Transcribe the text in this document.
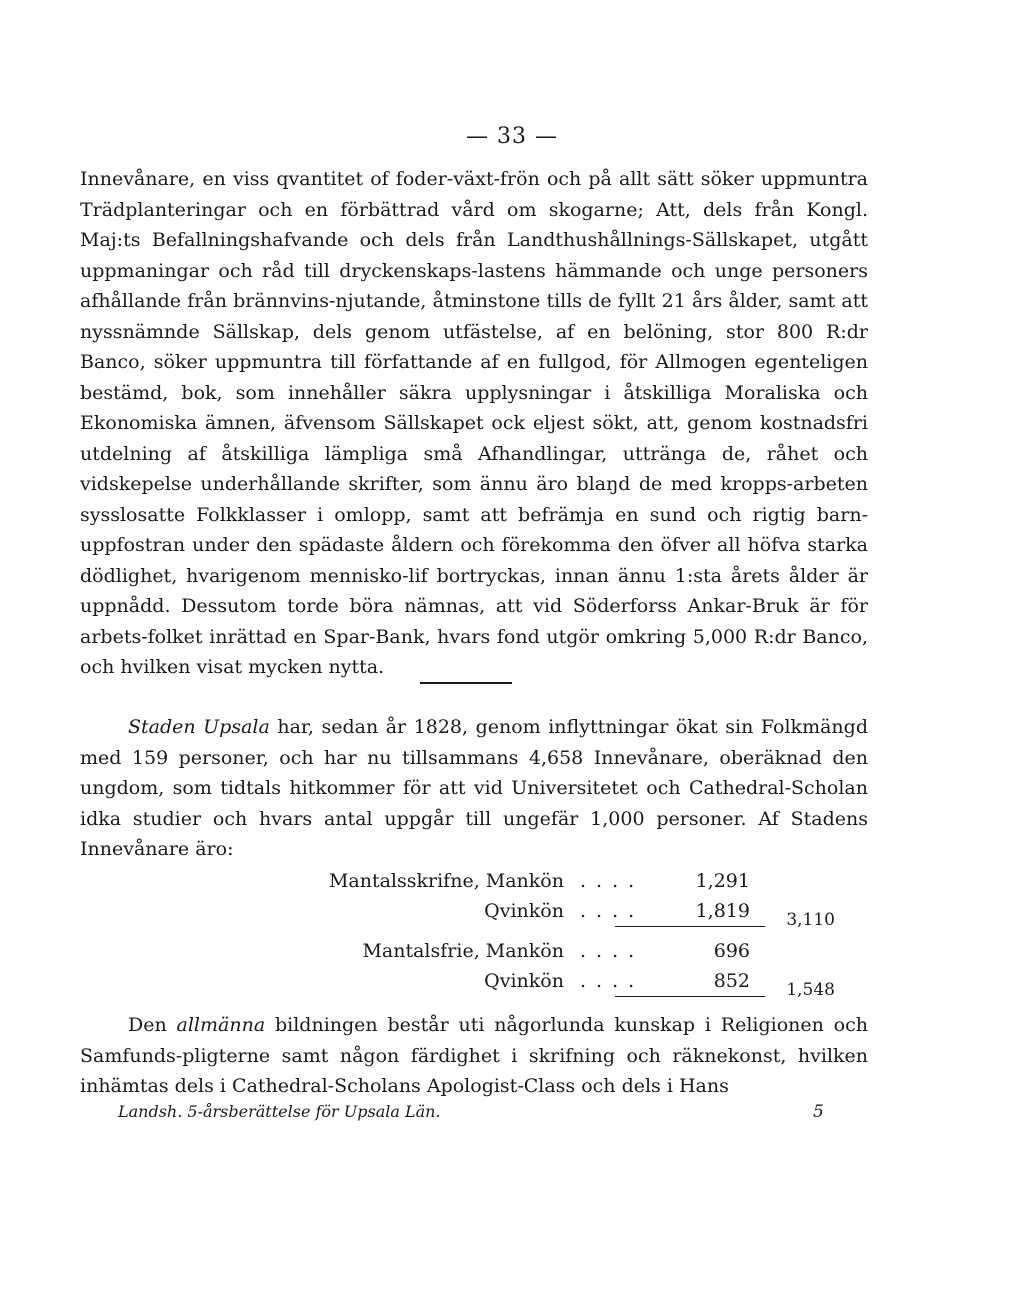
— 33 —

Innevånare, en viss qvantitet of foder-växt-frön och på allt sätt söker uppmuntra Trädplanteringar och en förbättrad vård om skogarne; Att, dels från Kongl. Maj:ts Befallningshafvande och dels från Landthushållnings-Sällskapet, utgått uppmaningar och råd till dryckenskaps-lastens hämmande och unge personers afhållande från brännvins-njutande, åtminstone tills de fyllt 21 års ålder, samt att nyssnämnde Sällskap, dels genom utfästelse, af en belöning, stor 800 R:dr Banco, söker uppmuntra till författande af en fullgod, för Allmogen egenteligen bestämd, bok, som innehåller säkra upplysningar i åtskilliga Moraliska och Ekonomiska ämnen, äfvensom Sällskapet ock eljest sökt, att, genom kostnadsfri utdelning af åtskilliga lämpliga små Afhandlingar, uttränga de, råhet och vidskepelse underhållande skrifter, som ännu äro blaŋd de med kropps-arbeten sysslosatte Folkklasser i omlopp, samt att befrämja en sund och rigtig barn-uppfostran under den spädaste åldern och förekomma den öfver all höfva starka dödlighet, hvarigenom mennisko-lif bortryckas, innan ännu 1:sta årets ålder är uppnådd. Dessutom torde böra nämnas, att vid Söderforss Ankar-Bruk är för arbets-folket inrättad en Spar-Bank, hvars fond utgör omkring 5,000 R:dr Banco, och hvilken visat mycken nytta.

Staden Upsala har, sedan år 1828, genom inflyttningar ökat sin Folkmängd med 159 personer, och har nu tillsammans 4,658 Innevånare, oberäknad den ungdom, som tidtals hitkommer för att vid Universitetet och Cathedral-Scholan idka studier och hvars antal uppgår till ungefär 1,000 personer. Af Stadens Innevånare äro:

Mantalsskrifne, Mankön ....	1,291
Qvinkön ....	1,819	3,110
Mantalsfrie, Mankön ....	696
Qvinkön ....	852	1,548

Den allmänna bildningen består uti någorlunda kunskap i Religionen och Samfunds-pligterne samt någon färdighet i skrifning och räknekonst, hvilken inhämtas dels i Cathedral-Scholans Apologist-Class och dels i Hans

Landsh. 5-årsberättelse för Upsala Län.	5
